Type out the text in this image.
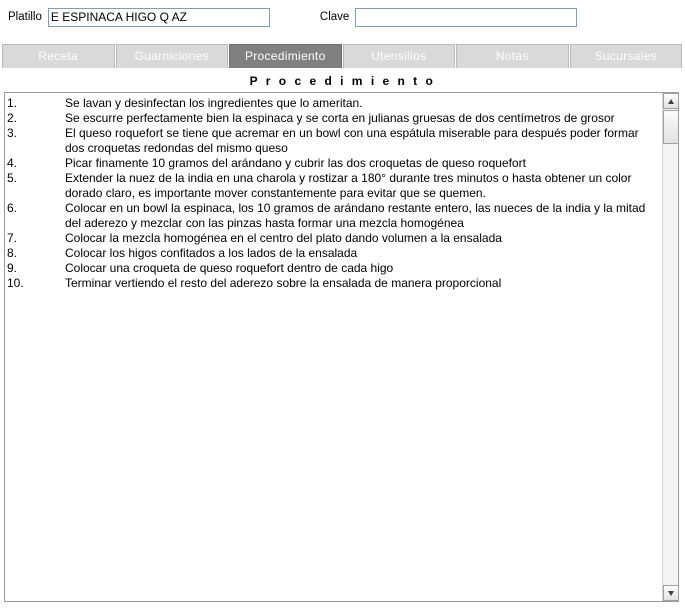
Platillo
E ESPINACA HIGO Q AZ	Clave
Receta	Guarniciones	Procedimiento	Utensilios	Notas	Sucursales
P r o c e d i m i e n t o
1.	Se lavan y desinfectan los ingredientes que lo ameritan.
2.	Se escurre perfectamente bien la espinaca y se corta en julianas gruesas de dos centímetros de grosor
3.	El queso roquefort se tiene que acremar en un bowl con una espátula miserable para después poder formar dos croquetas redondas del mismo queso
4.	Picar finamente 10 gramos del arándano y cubrir las dos croquetas de queso roquefort
5.	Extender la nuez de la india en una charola y rostizar a 180° durante tres minutos o hasta obtener un color dorado claro, es importante mover constantemente para evitar que se quemen.
6.	Colocar en un bowl la espinaca, los 10 gramos de arándano restante entero, las nueces de la india y la mitad del aderezo y mezclar con las pinzas hasta formar una mezcla homogénea
7.	Colocar la mezcla homogénea en el centro del plato dando volumen a la ensalada
8.	Colocar los higos confitados a los lados de la ensalada
9.	Colocar una croqueta de queso roquefort dentro de cada higo
10.	Terminar vertiendo el resto del aderezo sobre la ensalada de manera proporcional
